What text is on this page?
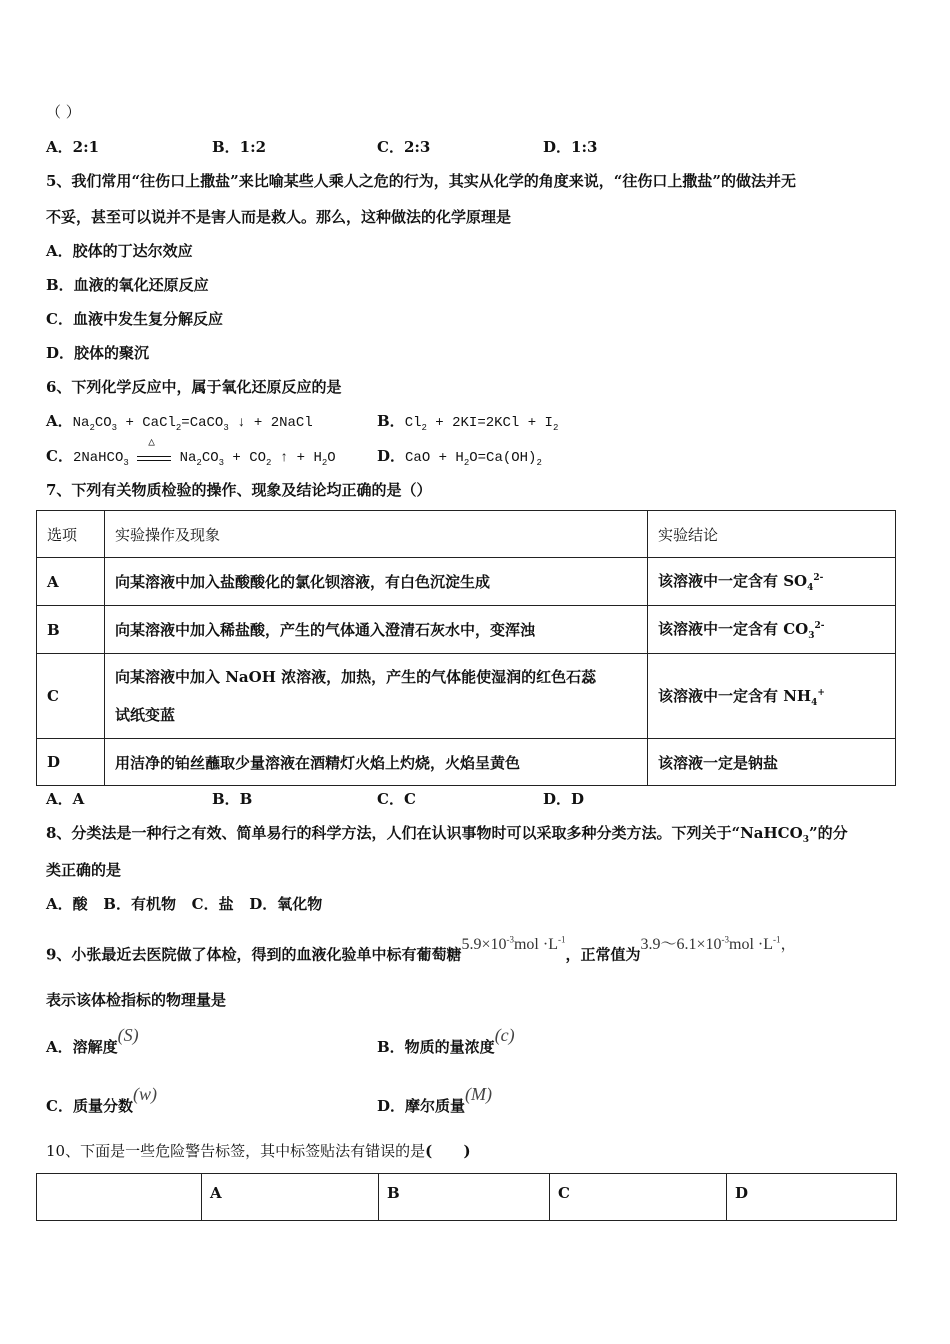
（ ）
A．2:1	B．1:2	C．2:3	D．1:3
5、我们常用“往伤口上撒盐”来比喻某些人乘人之危的行为，其实从化学的角度来说，“往伤口上撒盐”的做法并无
不妥，甚至可以说并不是害人而是救人。那么，这种做法的化学原理是
A．胶体的丁达尔效应
B．血液的氧化还原反应
C．血液中发生复分解反应
D．胶体的聚沉
6、下列化学反应中，属于氧化还原反应的是
A．$Na_2CO_3$ + CaCl$_2$=CaCO$_3$ ↓ + 2NaCl	B．$Cl_2 + 2KI=2KCl + I_2$
C．2NaHCO$_3$
△
$Na_2CO_3 + CO_2$ ↑ + $H_2O$	D．CaO + $H_2O=Ca(OH)_2$
7、下列有关物质检验的操作、现象及结论均正确的是（）
选项	实验操作及现象	实验结论
A	向某溶液中加入盐酸酸化的氯化钡溶液，有白色沉淀生成	该溶液中一定含有 $SO_4^{2-}$
B	向某溶液中加入稀盐酸，产生的气体通入澄清石灰水中，变浑浊	该溶液中一定含有 $CO_3^{2-}$
C	向某溶液中加入 NaOH 浓溶液，加热，产生的气体能使湿润的红色石蕊
试纸变蓝	该溶液中一定含有 $NH_4^+$
D	用洁净的铂丝蘸取少量溶液在酒精灯火焰上灼烧，火焰呈黄色	该溶液一定是钠盐
A．A	B．B	C．C	D．D
8、分类法是一种行之有效、简单易行的科学方法，人们在认识事物时可以采取多种分类方法。下列关于“NaHCO$_3$”的分
类正确的是
A．酸   B．有机物   C．盐   D．氧化物
9、小张最近去医院做了体检，得到的血液化验单中标有葡萄糖$5.9\times 10^{-3}mol \cdot L^{-1}$，正常值为$3.9\sim 6.1\times 10^{-3}mol \cdot L^{-1}$，
表示该体检指标的物理量是
A．溶解度(S)
B．物质的量浓度(c)
C．质量分数(w)
D．摩尔质量(M)
10、下面是一些危险警告标签，其中标签贴法有错误的是(      )
	A	B	C	D
